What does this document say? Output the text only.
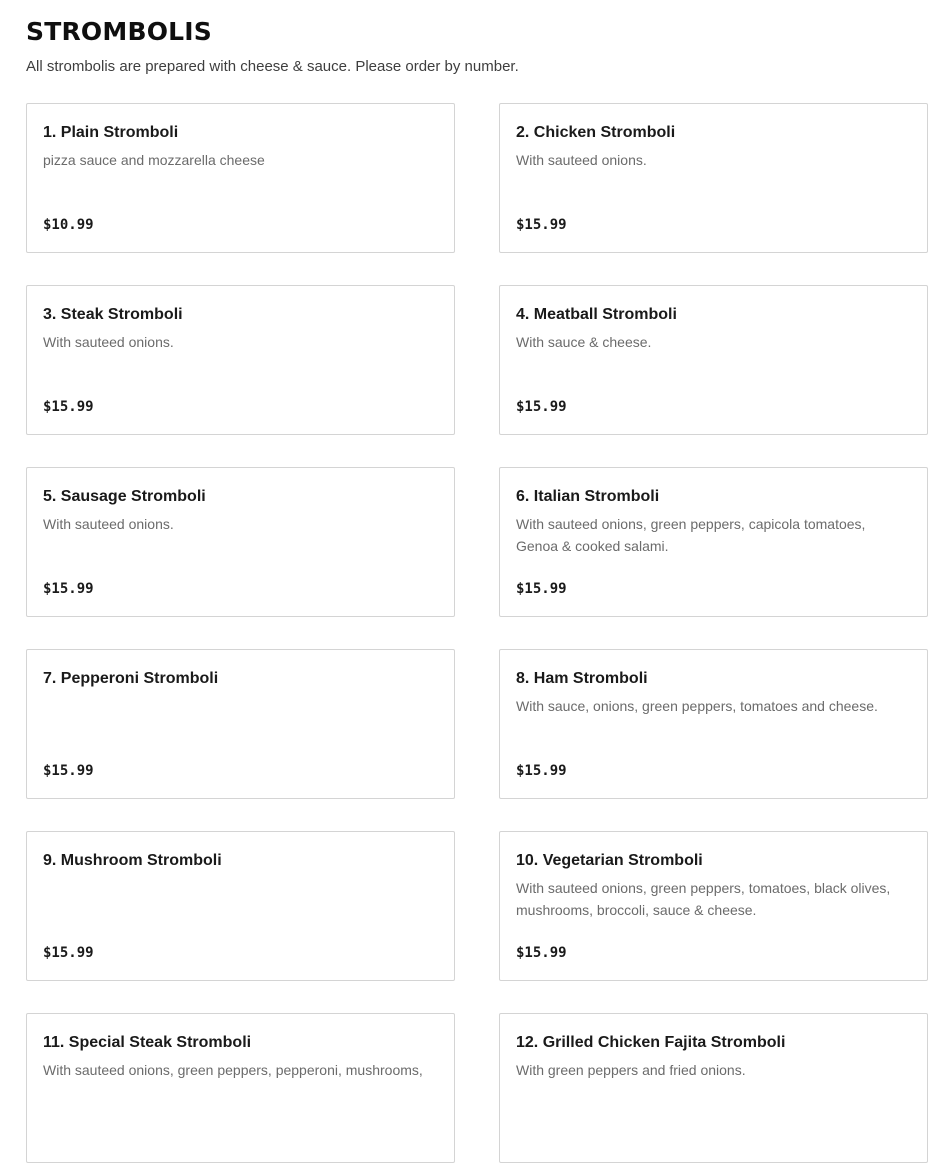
STROMBOLIS

All strombolis are prepared with cheese & sauce. Please order by number.

1. Plain Stromboli
pizza sauce and mozzarella cheese
$10.99
2. Chicken Stromboli
With sauteed onions.
$15.99
3. Steak Stromboli
With sauteed onions.
$15.99
4. Meatball Stromboli
With sauce & cheese.
$15.99
5. Sausage Stromboli
With sauteed onions.
$15.99
6. Italian Stromboli
With sauteed onions, green peppers, capicola tomatoes, Genoa & cooked salami.
$15.99
7. Pepperoni Stromboli
$15.99
8. Ham Stromboli
With sauce, onions, green peppers, tomatoes and cheese.
$15.99
9. Mushroom Stromboli
$15.99
10. Vegetarian Stromboli
With sauteed onions, green peppers, tomatoes, black olives, mushrooms, broccoli, sauce & cheese.
$15.99
11. Special Steak Stromboli
With sauteed onions, green peppers, pepperoni, mushrooms,
12. Grilled Chicken Fajita Stromboli
With green peppers and fried onions.
